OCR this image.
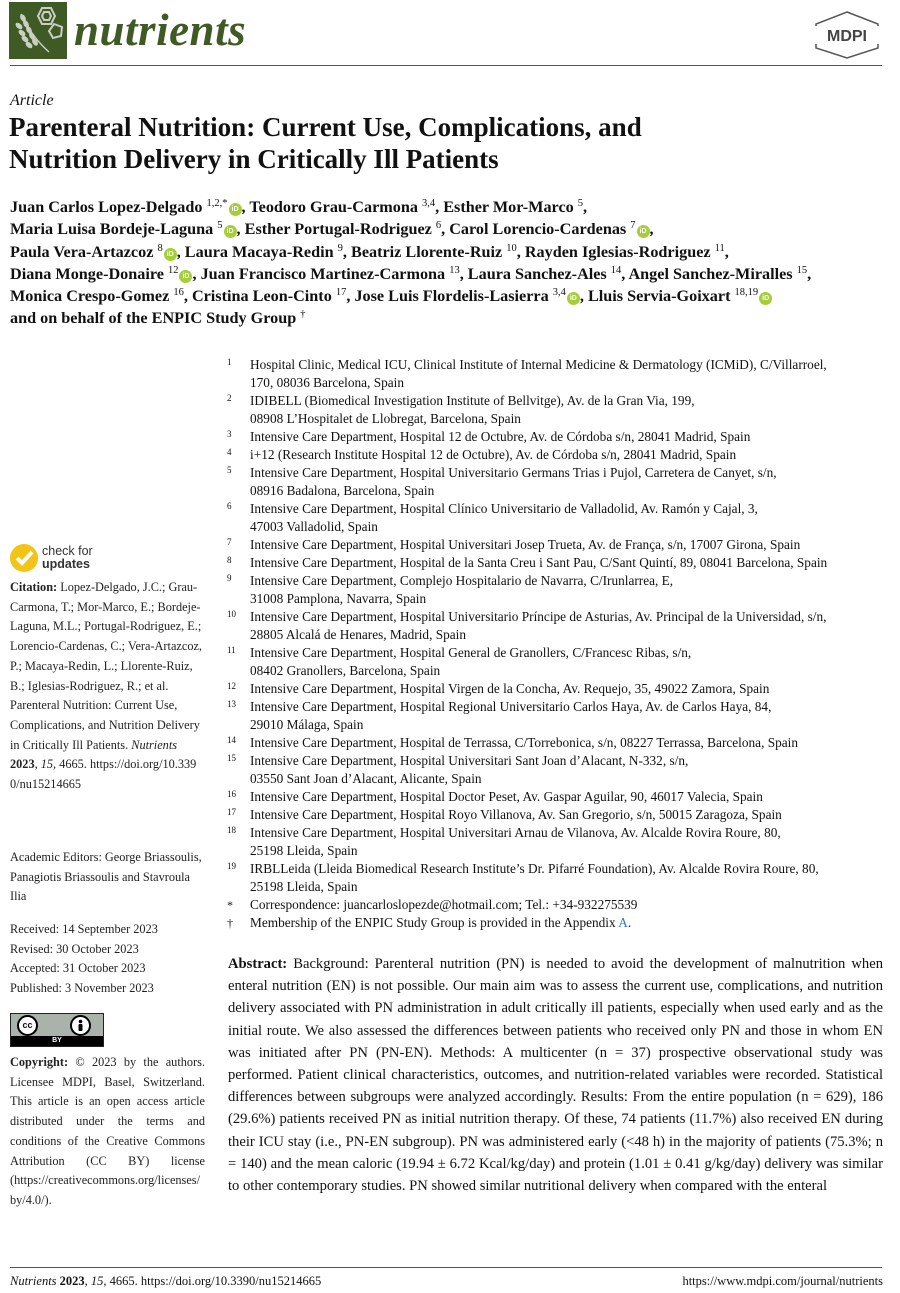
nutrients	MDPI
Article
Parenteral Nutrition: Current Use, Complications, and
Nutrition Delivery in Critically Ill Patients
Juan Carlos Lopez-Delgado $^{1,2,*}$iD , Teodoro Grau-Carmona $^{3,4}$, Esther Mor-Marco $^5$,
Maria Luisa Bordeje-Laguna $^5$iD , Esther Portugal-Rodriguez $^6$, Carol Lorencio-Cardenas $^7$iD ,
Paula Vera-Artazcoz $^8$iD , Laura Macaya-Redin $^9$, Beatriz Llorente-Ruiz $^{10}$, Rayden Iglesias-Rodriguez $^{11}$,
Diana Monge-Donaire $^{12}$iD , Juan Francisco Martinez-Carmona $^{13}$, Laura Sanchez-Ales $^{14}$, Angel Sanchez-Miralles $^{15}$,
Monica Crespo-Gomez $^{16}$, Cristina Leon-Cinto $^{17}$, Jose Luis Flordelis-Lasierra $^{3,4}$iD , Lluis Servia-Goixart $^{18,19}$iD
and on behalf of the ENPIC Study Group †
1 Hospital Clinic, Medical ICU, Clinical Institute of Internal Medicine & Dermatology (ICMiD), C/Villarroel,
170, 08036 Barcelona, Spain
2 IDIBELL (Biomedical Investigation Institute of Bellvitge), Av. de la Gran Via, 199,
08908 L’Hospitalet de Llobregat, Barcelona, Spain
3 Intensive Care Department, Hospital 12 de Octubre, Av. de Córdoba s/n, 28041 Madrid, Spain
4 i+12 (Research Institute Hospital 12 de Octubre), Av. de Córdoba s/n, 28041 Madrid, Spain
5 Intensive Care Department, Hospital Universitario Germans Trias i Pujol, Carretera de Canyet, s/n,
08916 Badalona, Barcelona, Spain
6 Intensive Care Department, Hospital Clínico Universitario de Valladolid, Av. Ramón y Cajal, 3,
47003 Valladolid, Spain
7 Intensive Care Department, Hospital Universitari Josep Trueta, Av. de França, s/n, 17007 Girona, Spain
8 Intensive Care Department, Hospital de la Santa Creu i Sant Pau, C/Sant Quintí, 89, 08041 Barcelona, Spain
9 Intensive Care Department, Complejo Hospitalario de Navarra, C/Irunlarrea, E,
31008 Pamplona, Navarra, Spain
10 Intensive Care Department, Hospital Universitario Príncipe de Asturias, Av. Principal de la Universidad, s/n,
28805 Alcalá de Henares, Madrid, Spain
11 Intensive Care Department, Hospital General de Granollers, C/Francesc Ribas, s/n,
08402 Granollers, Barcelona, Spain
12 Intensive Care Department, Hospital Virgen de la Concha, Av. Requejo, 35, 49022 Zamora, Spain
13 Intensive Care Department, Hospital Regional Universitario Carlos Haya, Av. de Carlos Haya, 84,
29010 Málaga, Spain
14 Intensive Care Department, Hospital de Terrassa, C/Torrebonica, s/n, 08227 Terrassa, Barcelona, Spain
15 Intensive Care Department, Hospital Universitari Sant Joan d’Alacant, N-332, s/n,
03550 Sant Joan d’Alacant, Alicante, Spain
16 Intensive Care Department, Hospital Doctor Peset, Av. Gaspar Aguilar, 90, 46017 Valecia, Spain
17 Intensive Care Department, Hospital Royo Villanova, Av. San Gregorio, s/n, 50015 Zaragoza, Spain
18 Intensive Care Department, Hospital Universitari Arnau de Vilanova, Av. Alcalde Rovira Roure, 80,
25198 Lleida, Spain
19 IRBLLeida (Lleida Biomedical Research Institute’s Dr. Pifarré Foundation), Av. Alcalde Rovira Roure, 80,
25198 Lleida, Spain
* Correspondence: juancarloslopezde@hotmail.com; Tel.: +34-932275539
† Membership of the ENPIC Study Group is provided in the Appendix A.
check for
updates
Citation: Lopez-Delgado, J.C.; Grau-Carmona, T.; Mor-Marco, E.; Bordeje-Laguna, M.L.; Portugal-Rodriguez, E.; Lorencio-Cardenas, C.; Vera-Artazcoz, P.; Macaya-Redin, L.; Llorente-Ruiz, B.; Iglesias-Rodriguez, R.; et al. Parenteral Nutrition: Current Use, Complications, and Nutrition Delivery in Critically Ill Patients. Nutrients 2023, 15, 4665. https://doi.org/10.3390/nu15214665
Academic Editors: George Briassoulis, Panagiotis Briassoulis and Stavroula Ilia
Received: 14 September 2023
Revised: 30 October 2023
Accepted: 31 October 2023
Published: 3 November 2023
cc
BY
Copyright: © 2023 by the authors. Licensee MDPI, Basel, Switzerland. This article is an open access article distributed under the terms and conditions of the Creative Commons Attribution (CC BY) license (https://creativecommons.org/licenses/by/4.0/).
Abstract: Background: Parenteral nutrition (PN) is needed to avoid the development of malnutrition when enteral nutrition (EN) is not possible. Our main aim was to assess the current use, complications, and nutrition delivery associated with PN administration in adult critically ill patients, especially when used early and as the initial route. We also assessed the differences between patients who received only PN and those in whom EN was initiated after PN (PN-EN). Methods: A multicenter (n = 37) prospective observational study was performed. Patient clinical characteristics, outcomes, and nutrition-related variables were recorded. Statistical differences between subgroups were analyzed accordingly. Results: From the entire population (n = 629), 186 (29.6%) patients received PN as initial nutrition therapy. Of these, 74 patients (11.7%) also received EN during their ICU stay (i.e., PN-EN subgroup). PN was administered early (<48 h) in the majority of patients (75.3%; n = 140) and the mean caloric (19.94 ± 6.72 Kcal/kg/day) and protein (1.01 ± 0.41 g/kg/day) delivery was similar to other contemporary studies. PN showed similar nutritional delivery when compared with the enteral
Nutrients 2023, 15, 4665. https://doi.org/10.3390/nu15214665	https://www.mdpi.com/journal/nutrients
